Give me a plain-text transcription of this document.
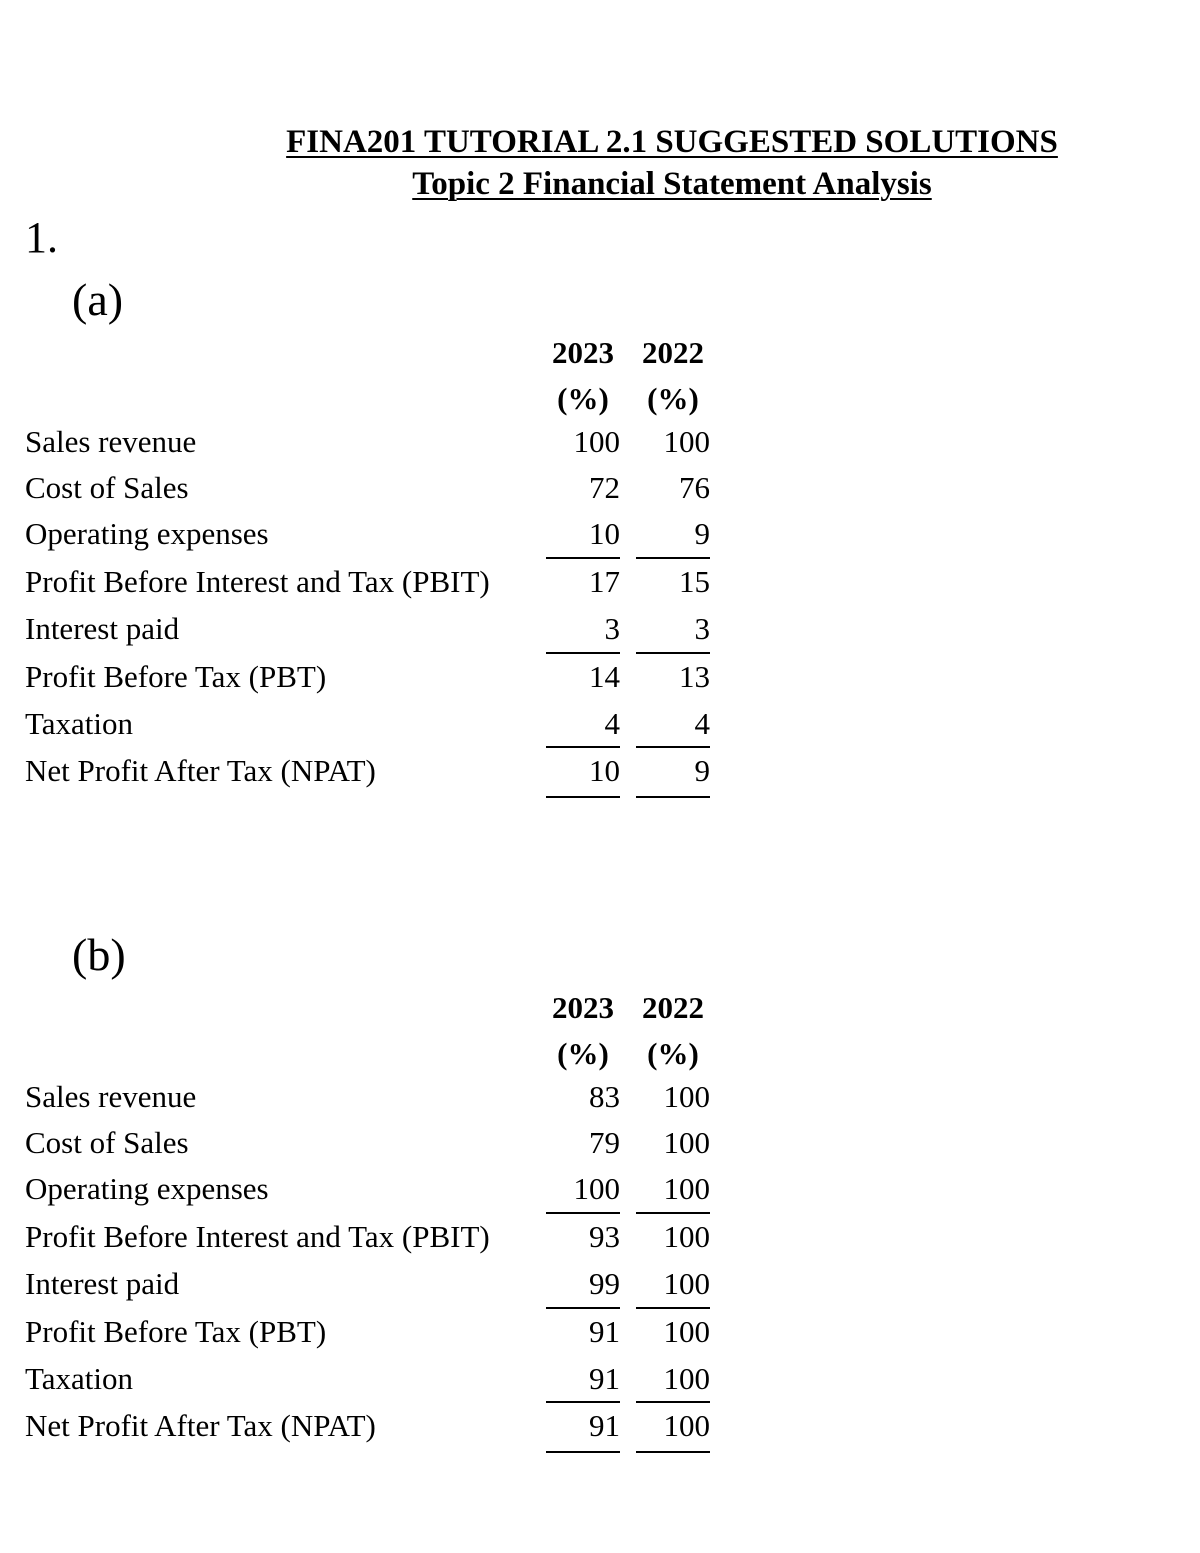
FINA201 TUTORIAL 2.1 SUGGESTED SOLUTIONS
Topic 2 Financial Statement Analysis
1.
(a)
2023 2022
(%)	(%)
Sales revenue	100	100
Cost of Sales	72	76
Operating expenses	10	9
Profit Before Interest and Tax (PBIT)	17	15
Interest paid	3	3
Profit Before Tax (PBT)	14	13
Taxation	4	4
Net Profit After Tax (NPAT)	10	9
(b)
2023 2022
(%)	(%)
Sales revenue	83	100
Cost of Sales	79	100
Operating expenses	100	100
Profit Before Interest and Tax (PBIT)	93	100
Interest paid	99	100
Profit Before Tax (PBT)	91	100
Taxation	91	100
Net Profit After Tax (NPAT)	91	100
